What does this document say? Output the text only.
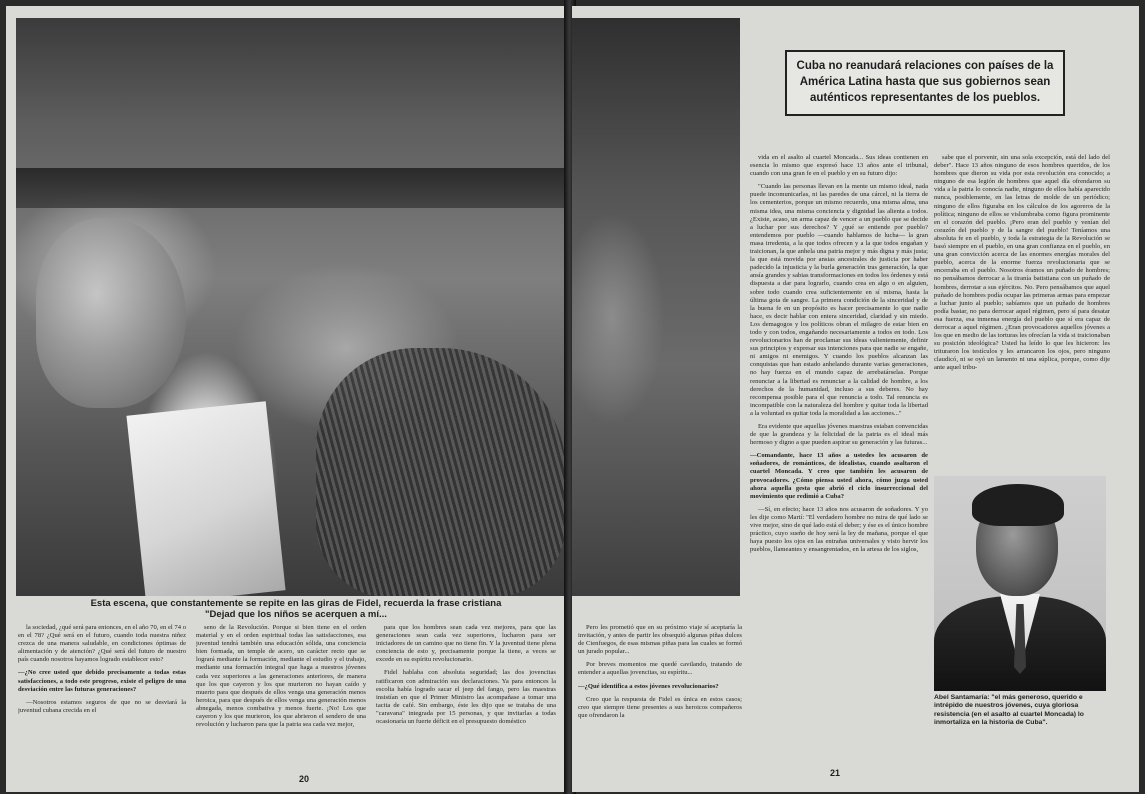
Esta escena, que constantemente se repite en las giras de Fidel, recuerda la frase cristiana "Dejad que los niños se acerquen a mí...

la sociedad, ¿qué será para entonces, en el año 70, en el 74 o en el 78? ¿Qué será en el futuro, cuando toda nuestra niñez crezca de una manera saludable, en condiciones óptimas de alimentación y de atención? ¿Qué será del futuro de nuestro país cuando nosotros hayamos logrado establecer esto?

—¿No cree usted que debido precisamente a todas estas satisfacciones, a todo este progreso, existe el peligro de una desviación entre las futuras generaciones?

—Nosotros estamos seguros de que no se desviará la juventud cubana crecida en el

seno de la Revolución. Porque si bien tiene en el orden material y en el orden espiritual todas las satisfacciones, esa juventud tendrá también una educación sólida, una conciencia bien formada, un temple de acero, un carácter recto que se logrará mediante la formación, mediante el estudio y el trabajo, mediante una formación integral que haga a nuestros jóvenes cada vez superiores a las generaciones anteriores, de manera que los que cayeron y los que murieron no hayan caído y muerto para que después de ellos venga una generación menos heroica, para que después de ellos venga una generación menos abnegada, menos combativa y menos fuerte. ¡No! Los que cayeron y los que murieron, los que abrieron el sendero de una revolución y lucharon para que la patria sea cada vez mejor,

para que los hombres sean cada vez mejores, para que las generaciones sean cada vez superiores, lucharon para ser iniciadores de un camino que no tiene fin. Y la juventud tiene plena conciencia de esto y, precisamente porque la tiene, a veces se excede en su espíritu revolucionario.

Fidel hablaba con absoluta seguridad; las dos jovencitas ratificaron con admiración sus declaraciones. Ya para entonces la escolta había logrado sacar el jeep del fango, pero las maestras insistían en que el Primer Ministro las acompañase a tomar una tacita de café. Sin embargo, éste les dijo que se trataba de una "caravana" integrada por 15 personas, y que invitarlas a todas ocasionaría un fuerte déficit en el presupuesto doméstico

20
Cuba no reanudará relaciones con países de la América Latina hasta que sus gobiernos sean auténticos representantes de los pueblos.

vida en el asalto al cuartel Moncada... Sus ideas contienen en esencia lo mismo que expresó hace 13 años ante el tribunal, cuando con una gran fe en el pueblo y en su futuro dijo:

"Cuando las personas llevan en la mente un mismo ideal, nada puede incomunicarlas, ni las paredes de una cárcel, ni la tierra de los cementerios, porque un mismo recuerdo, una misma alma, una misma idea, una misma conciencia y dignidad las alienta a todos. ¿Existe, acaso, un arma capaz de vencer a un pueblo que se decide a luchar por sus derechos? Y ¿qué se entiende por pueblo? entendemos por pueblo —cuando hablamos de lucha— la gran masa irredenta, a la que todos ofrecen y a la que todos engañan y traicionan, la que anhela una patria mejor y más digna y más justa; la que está movida por ansias ancestrales de justicia por haber padecido la injusticia y la burla generación tras generación, la que ansía grandes y sabias transformaciones en todos los órdenes y está dispuesta a dar para lograrlo, cuando crea en algo o en alguien, sobre todo cuando crea suficientemente en sí misma, hasta la última gota de sangre. La primera condición de la sinceridad y de la buena fe en un propósito es hacer precisamente lo que nadie hace, es decir hablar con entera sinceridad, claridad y sin miedo. Los demagogos y los políticos obran el milagro de estar bien en todo y con todos, engañando necesariamente a todos en todo. Los revolucionarios han de proclamar sus ideas valientemente, definir sus principios y expresar sus intenciones para que nadie se engañe, ni amigos ni enemigos. Y cuando los pueblos alcanzan las conquistas que han estado anhelando durante varias generaciones, no hay fuerza en el mundo capaz de arrebatárselas. Porque renunciar a la libertad es renunciar a la calidad de hombre, a los derechos de la humanidad, incluso a sus deberes. No hay recompensa posible para el que renuncia a todo. Tal renuncia es incompatible con la naturaleza del hombre y quitar toda la libertad a la voluntad es quitar toda la moralidad a las acciones..."

Era evidente que aquellas jóvenes maestras estaban convencidas de que la grandeza y la felicidad de la patria es el ideal más hermoso y digno a que pueden aspirar su generación y las futuras...

—Comandante, hace 13 años a ustedes les acusaron de soñadores, de románticos, de idealistas, cuando asaltaron el cuartel Moncada. Y creo que también les acusaron de provocadores. ¿Cómo piensa usted ahora, cómo juzga usted ahora aquella gesta que abrió el ciclo insurreccional del movimiento que redimió a Cuba?

—Sí, en efecto; hace 13 años nos acusaron de soñadores. Y yo les dije como Martí: "El verdadero hombre no mira de qué lado se vive mejor, sino de qué lado está el deber; y ése es el único hombre práctico, cuyo sueño de hoy será la ley de mañana, porque el que haya puesto los ojos en las entrañas universales y visto hervir los pueblos, llameantes y ensangrentados, en la artesa de los siglos,

sabe que el porvenir, sin una sola excepción, está del lado del deber". Hace 13 años ninguno de esos hombres queridos, de los hombres que dieron su vida por esta revolución era conocido; a ninguno de esa legión de hombres que aquel día ofrendaron su vida a la patria lo conocía nadie, ninguno de ellos había aparecido nunca, posiblemente, en las letras de molde de un periódico; ninguno de ellos figuraba en los cálculos de los agoreros de la política; ninguno de ellos se vislumbraba como figura prominente en el corazón del pueblo. ¡Pero eran del pueblo y venían del corazón del pueblo y de la sangre del pueblo! Teníamos una absoluta fe en el pueblo, y toda la estrategia de la Revolución se basó siempre en el pueblo, en una gran confianza en el pueblo, en una gran convicción acerca de las enormes energías morales del pueblo, acerca de la enorme fuerza revolucionaria que se encerraba en el pueblo. Nosotros éramos un puñado de hombres; no pensábamos derrocar a la tiranía batistiana con un puñado de hombres, derrotar a sus ejércitos. No. Pero pensábamos que aquel puñado de hombres podía ocupar las primeras armas para empezar a luchar junto al pueblo; sabíamos que un puñado de hombres podía bastar, no para derrocar aquel régimen, pero sí para desatar esa fuerza, esa inmensa energía del pueblo que sí era capaz de derrocar a aquel régimen. ¿Eran provocadores aquellos jóvenes a los que en medio de las torturas les ofrecían la vida si traicionaban su posición ideológica? Usted ha leído lo que les hicieron: les trituraron los testículos y les arrancaron los ojos, pero ninguno claudicó, ni se oyó un lamento ni una súplica, porque, como dije ante aquel tribu-

Pero les prometió que en su próximo viaje sí aceptaría la invitación, y antes de partir les obsequió algunas piñas dulces de Cienfuegos, de esas mismas piñas para las cuales se formó un jurado popular...

Por breves momentos me quedé cavilando, tratando de entender a aquellas jovencitas, su espíritu...

—¿Qué identifica a estos jóvenes revolucionarios?

Creo que la respuesta de Fidel es única en estos casos; creo que siempre tiene presentes a sus heroicos compañeros que ofrendaron la

Abel Santamaría: "el más generoso, querido e intrépido de nuestros jóvenes, cuya gloriosa resistencia (en el asalto al cuartel Moncada) lo inmortaliza en la historia de Cuba".
21
